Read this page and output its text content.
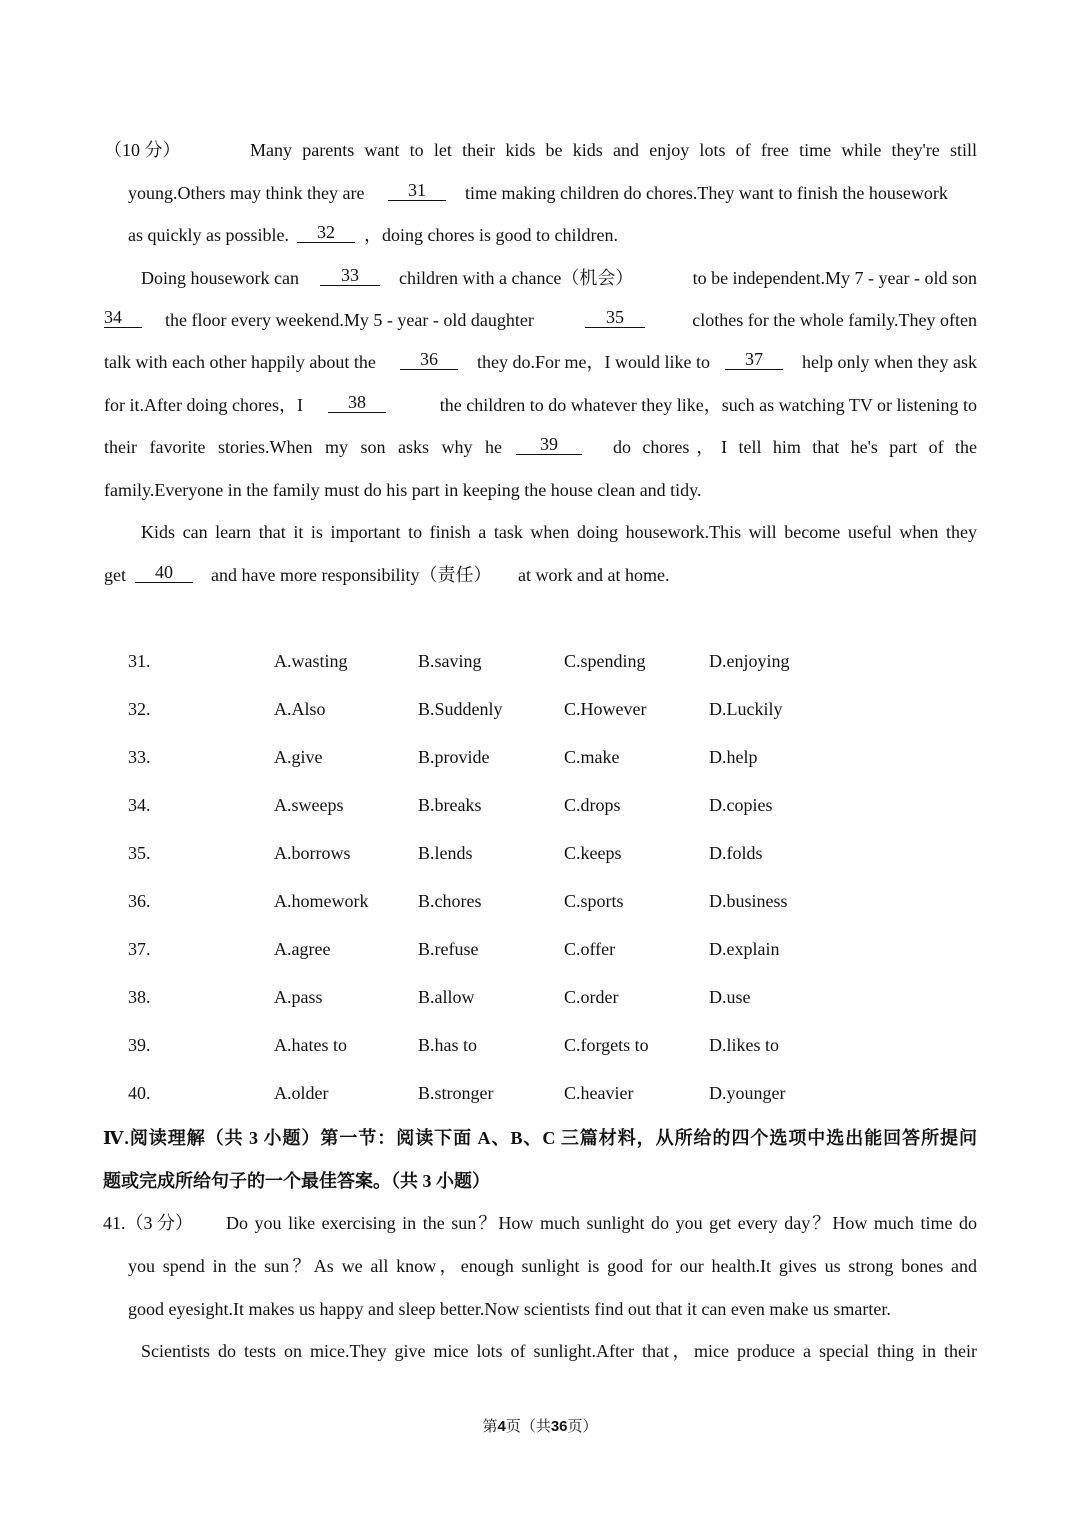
（10 分）	Many parents want to let their kids be kids and enjoy lots of free time while they're still
young.Others may think they are	31	time making children do chores.They want to finish the housework
as quickly as possible.	32	，doing chores is good to children.
Doing housework can	33	children with a chance（机会）	to be independent.My 7 - year - old son
34	the floor every weekend.My 5 - year - old daughter	35	clothes for the whole family.They often
talk with each other happily about the	36	they do.For me，I would like to	37	help only when they ask
for it.After doing chores，I	38	the children to do whatever they like，such as watching TV or listening to
their favorite stories.When my son asks why he	39	do chores，I tell him that he's part of the
family.Everyone in the family must do his part in keeping the house clean and tidy.
Kids can learn that it is important to finish a task when doing housework.This will become useful when they
get	40	and have more responsibility（责任） at work and at home.
31.	A.wasting	B.saving	C.spending	D.enjoying
32.	A.Also	B.Suddenly	C.However	D.Luckily
33.	A.give	B.provide	C.make	D.help
34.	A.sweeps	B.breaks	C.drops	D.copies
35.	A.borrows	B.lends	C.keeps	D.folds
36.	A.homework	B.chores	C.sports	D.business
37.	A.agree	B.refuse	C.offer	D.explain
38.	A.pass	B.allow	C.order	D.use
39.	A.hates to	B.has to	C.forgets to	D.likes to
40.	A.older	B.stronger	C.heavier	D.younger
Ⅳ.阅读理解（共 3 小题）第一节：阅读下面 A、B、C 三篇材料，从所给的四个选项中选出能回答所提问
题或完成所给句子的一个最佳答案。（共 3 小题）
41.（3 分） Do you like exercising in the sun？How much sunlight do you get every day？How much time do
you spend in the sun？As we all know，enough sunlight is good for our health.It gives us strong bones and
good eyesight.It makes us happy and sleep better.Now scientists find out that it can even make us smarter.
Scientists do tests on mice.They give mice lots of sunlight.After that，mice produce a special thing in their
第4页（共36页）
